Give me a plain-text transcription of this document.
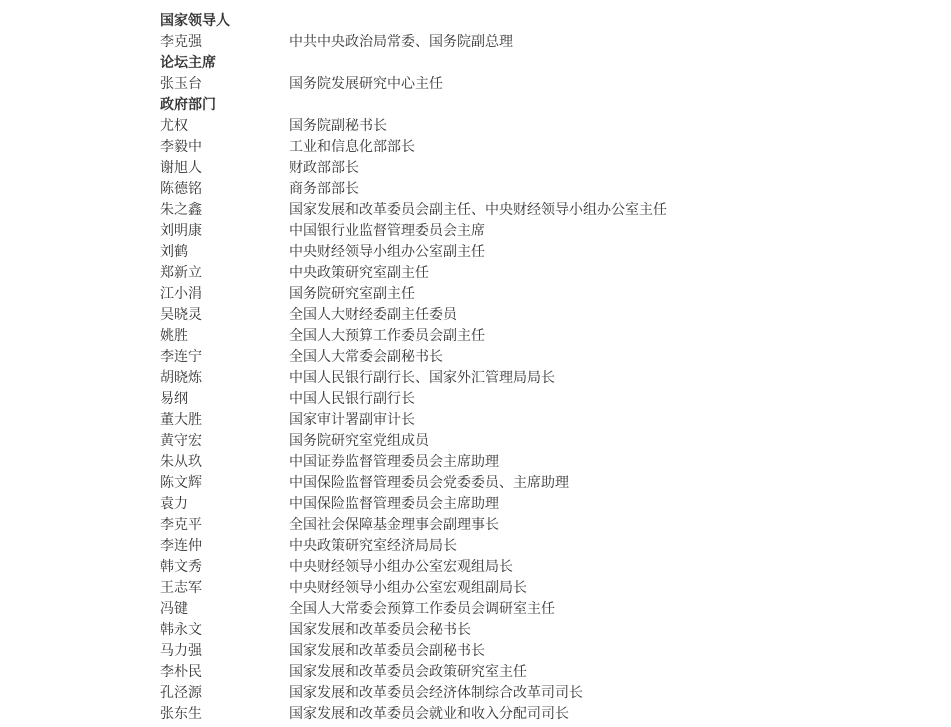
国家领导人
李克强	中共中央政治局常委、国务院副总理
论坛主席
张玉台	国务院发展研究中心主任
政府部门
尤权	国务院副秘书长
李毅中	工业和信息化部部长
谢旭人	财政部部长
陈德铭	商务部部长
朱之鑫	国家发展和改革委员会副主任、中央财经领导小组办公室主任
刘明康	中国银行业监督管理委员会主席
刘鹤	中央财经领导小组办公室副主任
郑新立	中央政策研究室副主任
江小涓	国务院研究室副主任
吴晓灵	全国人大财经委副主任委员
姚胜	全国人大预算工作委员会副主任
李连宁	全国人大常委会副秘书长
胡晓炼	中国人民银行副行长、国家外汇管理局局长
易纲	中国人民银行副行长
董大胜	国家审计署副审计长
黄守宏	国务院研究室党组成员
朱从玖	中国证券监督管理委员会主席助理
陈文辉	中国保险监督管理委员会党委委员、主席助理
袁力	中国保险监督管理委员会主席助理
李克平	全国社会保障基金理事会副理事长
李连仲	中央政策研究室经济局局长
韩文秀	中央财经领导小组办公室宏观组局长
王志军	中央财经领导小组办公室宏观组副局长
冯键	全国人大常委会预算工作委员会调研室主任
韩永文	国家发展和改革委员会秘书长
马力强	国家发展和改革委员会副秘书长
李朴民	国家发展和改革委员会政策研究室主任
孔泾源	国家发展和改革委员会经济体制综合改革司司长
张东生	国家发展和改革委员会就业和收入分配司司长
